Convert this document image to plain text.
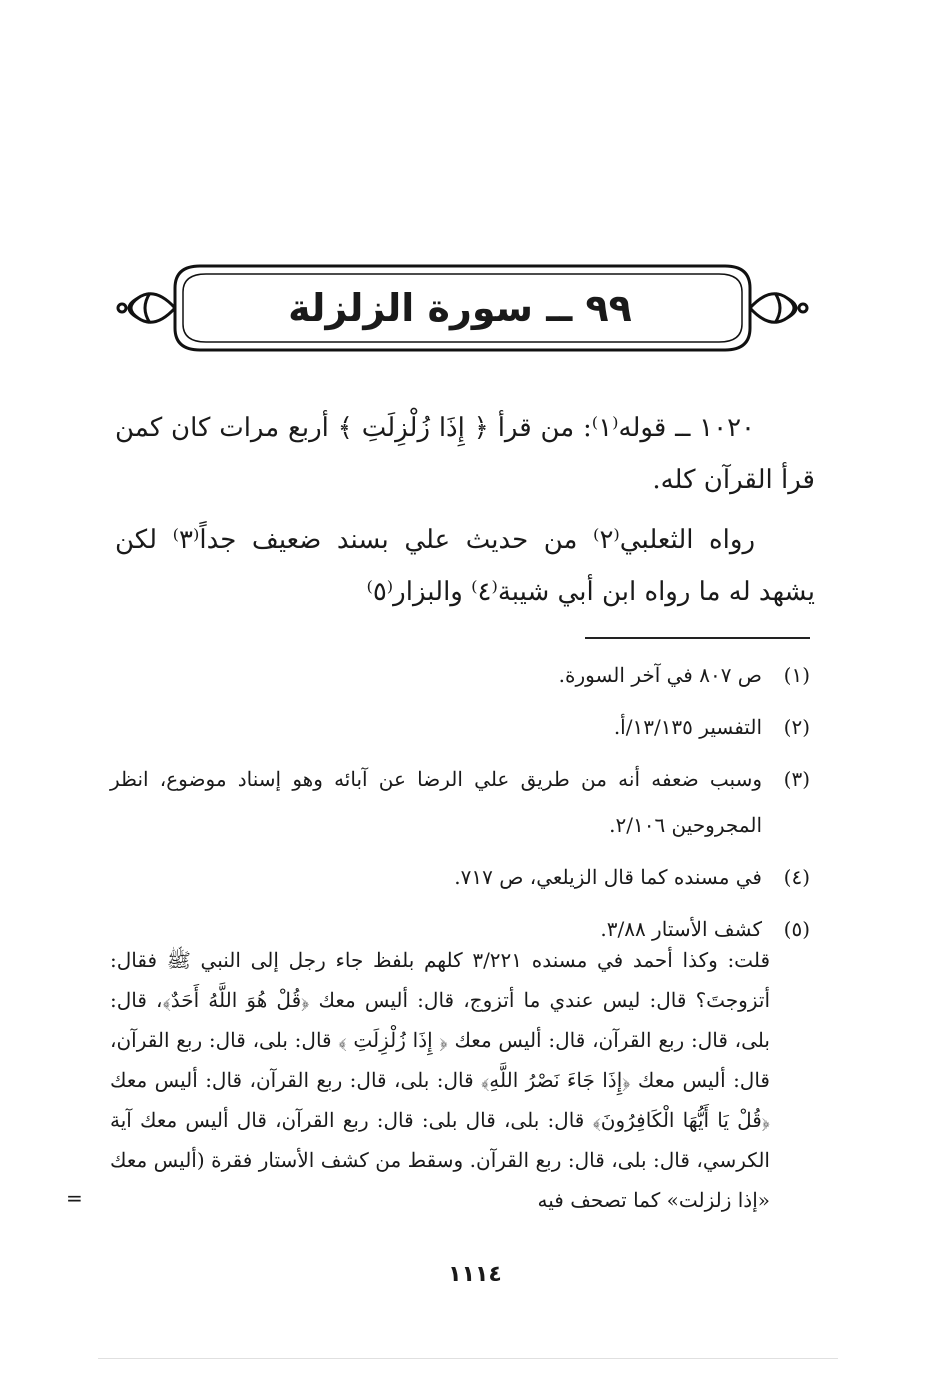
٩٩ ــ سورة الزلزلة

١٠٢٠ ــ قوله⁽١⁾: من قرأ ﴿ إِذَا زُلْزِلَتِ ﴾ أربع مرات كان كمن قرأ القرآن كله.

رواه الثعلبي⁽٢⁾ من حديث علي بسند ضعيف جداً⁽٣⁾ لكن يشهد له ما رواه ابن أبي شيبة⁽٤⁾ والبزار⁽٥⁾

(١)
ص ٨٠٧ في آخر السورة.

(٢)
التفسير ١٣/١٣٥/أ.

(٣)
وسبب ضعفه أنه من طريق علي الرضا عن آبائه وهو إسناد موضوع، انظر المجروحين ٢/١٠٦.

(٤)
في مسنده كما قال الزيلعي، ص ٧١٧.

(٥)
كشف الأستار ٣/٨٨.

قلت: وكذا أحمد في مسنده ٣/٢٢١ كلهم بلفظ جاء رجل إلى النبي ﷺ فقال: أتزوجتَ؟ قال: ليس عندي ما أتزوج، قال: أليس معك ﴿قُلْ هُوَ اللَّهُ أَحَدٌ﴾، قال: بلى، قال: ربع القرآن، قال: أليس معك ﴿ إِذَا زُلْزِلَتِ ﴾ قال: بلى، قال: ربع القرآن، قال: أليس معك ﴿إِذَا جَاءَ نَصْرُ اللَّهِ﴾ قال: بلى، قال: ربع القرآن، قال: أليس معك ﴿قُلْ يَا أَيُّهَا الْكَافِرُونَ﴾ قال: بلى، قال بلى: قال: ربع القرآن، قال أليس معك آية الكرسي، قال: بلى، قال: ربع القرآن. وسقط من كشف الأستار فقرة (أليس معك «إذا زلزلت» كما تصحف فيه

=
١١١٤
